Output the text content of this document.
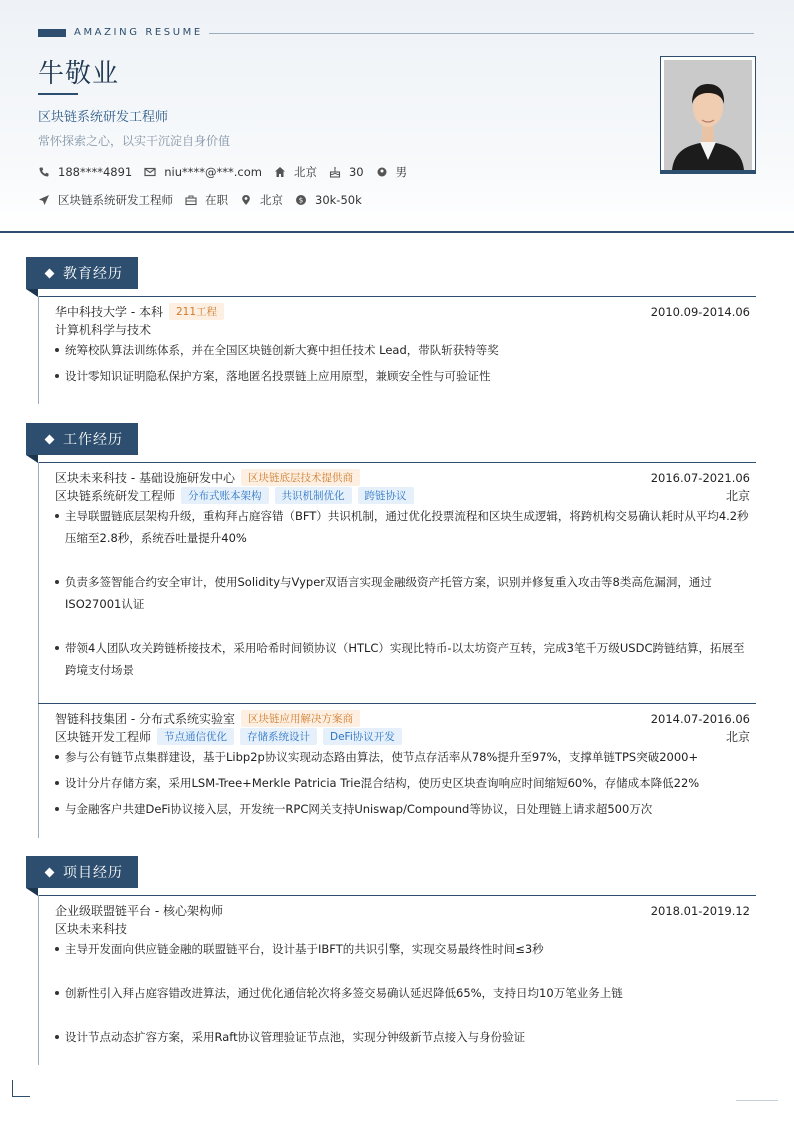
AMAZING RESUME
牛敬业
区块链系统研发工程师
常怀探索之心，以实干沉淀自身价值
188****4891	niu****@***.com	北京	30	男
区块链系统研发工程师	在职	北京 $ 30k-50k
教育经历
华中科技大学 - 本科	211工程	2010.09-2014.06
计算机科学与技术
统筹校队算法训练体系，并在全国区块链创新大赛中担任技术 Lead，带队斩获特等奖
设计零知识证明隐私保护方案，落地匿名投票链上应用原型，兼顾安全性与可验证性
工作经历
区块未来科技 - 基础设施研发中心	区块链底层技术提供商	2016.07-2021.06
区块链系统研发工程师	分布式账本架构	共识机制优化	跨链协议	北京
主导联盟链底层架构升级，重构拜占庭容错（BFT）共识机制，通过优化投票流程和区块生成逻辑，将跨机构交易确认耗时从平均4.2秒压缩至2.8秒，系统吞吐量提升40%
负责多签智能合约安全审计，使用Solidity与Vyper双语言实现金融级资产托管方案，识别并修复重入攻击等8类高危漏洞，通过ISO27001认证
带领4人团队攻关跨链桥接技术，采用哈希时间锁协议（HTLC）实现比特币-以太坊资产互转，完成3笔千万级USDC跨链结算，拓展至跨境支付场景
智链科技集团 - 分布式系统实验室	区块链应用解决方案商	2014.07-2016.06
区块链开发工程师	节点通信优化	存储系统设计	DeFi协议开发	北京
参与公有链节点集群建设，基于Libp2p协议实现动态路由算法，使节点存活率从78%提升至97%，支撑单链TPS突破2000+
设计分片存储方案，采用LSM-Tree+Merkle Patricia Trie混合结构，使历史区块查询响应时间缩短60%，存储成本降低22%
与金融客户共建DeFi协议接入层，开发统一RPC网关支持Uniswap/Compound等协议，日处理链上请求超500万次
项目经历
企业级联盟链平台 - 核心架构师	2018.01-2019.12
区块未来科技
主导开发面向供应链金融的联盟链平台，设计基于IBFT的共识引擎，实现交易最终性时间≤3秒
创新性引入拜占庭容错改进算法，通过优化通信轮次将多签交易确认延迟降低65%，支持日均10万笔业务上链
设计节点动态扩容方案，采用Raft协议管理验证节点池，实现分钟级新节点接入与身份验证
